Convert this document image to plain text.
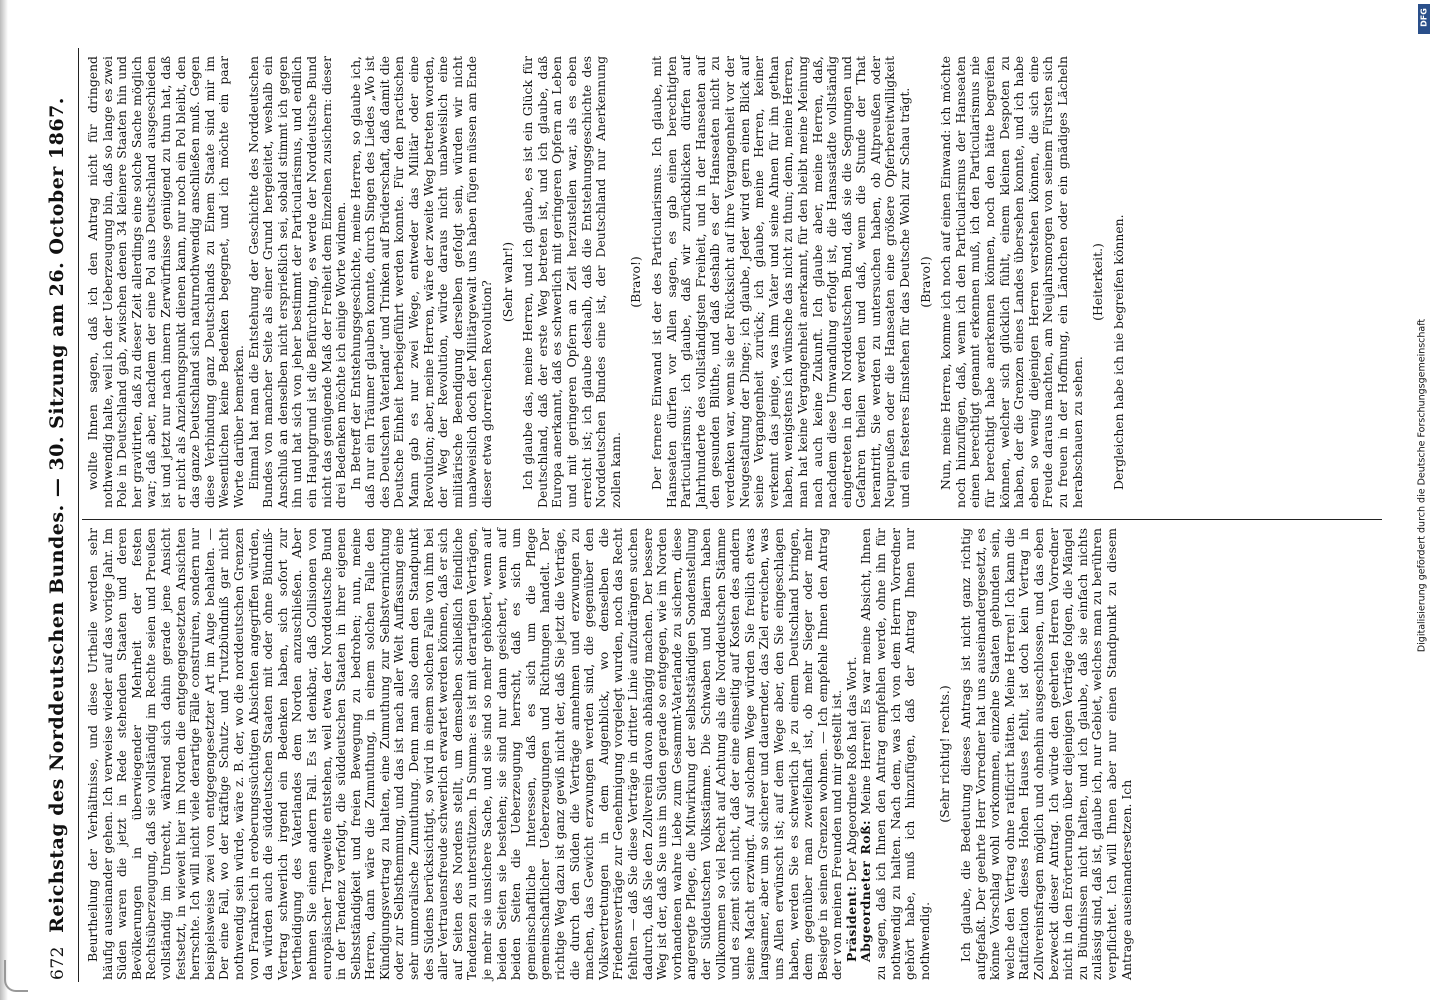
672
Reichstag des Norddeutschen Bundes. — 30. Sitzung am 26. October 1867. Beurtheilung der Verhältnisse, und diese Urtheile werden sehr häufig auseinander gehen. Ich verweise wieder auf das vorige Jahr. Im Süden waren die jetzt in Rede stehenden Staaten und deren Bevölkerungen in überwiegender Mehrheit der festen Rechtsüberzeugung, daß sie vollständig im Rechte seien und Preußen vollständig im Unrecht, während sich dahin gerade jene Ansicht festsetzt, in wieweit hier im Norden die entgegengesetzten Ansichten herrschte. Ich will nicht viele derartige Fälle construiren, sondern nur beispielsweise zwei von entgegengesetzter Art im Auge behalten. — Der eine Fall, wo der kräftige Schutz- und Trutzbündniß gar nicht nothwendig sein würde, wäre z. B. der, wo die norddeutschen Grenzen von Frankreich in eroberungssüchtigen Absichten angegriffen würden, da würden auch die süddeutschen Staaten mit oder ohne Bündniß-Vertrag schwerlich irgend ein Bedenken haben, sich sofort zur Vertheidigung des Vaterlandes dem Norden anzuschließen. Aber nehmen Sie einen andern Fall. Es ist denkbar, daß Collisionen von europäischer Tragweite entstehen, weil etwa der Norddeutsche Bund in der Tendenz verfolgt, die süddeutschen Staaten in ihrer eigenen Selbstständigkeit und freien Bewegung zu bedrohen; nun, meine Herren, dann wäre die Zumuthung, in einem solchen Falle den Kündigungsvertrag zu halten, eine Zumuthung zur Selbstvernichtung oder zur Selbsthemmung, und das ist nach aller Welt Auffassung eine sehr unmoralische Zumuthung. Denn man also denn den Standpunkt des Südens berücksichtigt, so wird in einem solchen Falle von ihm bei aller Vertrauensfreude schwerlich erwartet werden können, daß er sich auf Seiten des Nordens stellt, um demselben schließlich feindliche Tendenzen zu unterstützen. In Summa: es ist mit derartigen Verträgen, je mehr sie unsichere Sache, und sie sind so mehr gehöbert, wenn auf beiden Seiten sie bestehen; sie sind nur dann gesichert, wenn auf beiden Seiten die Ueberzeugung herrscht, daß es sich um gemeinschaftliche Interessen, daß es sich um die Pflege gemeinschaftlicher Ueberzeugungen und Richtungen handelt. Der richtige Weg dazu ist ganz gewiß nicht der, daß Sie jetzt die Verträge, die durch den Süden die Verträge annehmen und erzwungen zu machen, das Gewicht erzwungen werden sind, die gegenüber den Volksvertretungen in dem Augenblick, wo denselben die Friedensverträge zur Genehmigung vorgelegt wurden, noch das Recht fehlten — daß Sie diese Verträge in dritter Linie aufzudrängen suchen dadurch, daß Sie den Zollverein davon abhängig machen. Der bessere Weg ist der, daß Sie uns im Süden gerade so entgegen, wie im Norden vorhandenen wahre Liebe zum Gesammt-Vaterlande zu sichern, diese angeregte Pflege, die Mitwirkung der selbstständigen Sondenstellung der Süddeutschen Volksstämme. Die Schwaben und Baiern haben vollkommen so viel Recht auf Achtung als die Norddeutschen Stämme und es ziemt sich nicht, daß der eine einseitig auf Kosten des andern seine Macht erzwingt. Auf solchem Wege würden Sie freilich etwas langsamer, aber um so sicherer und dauernder, das Ziel erreichen, was uns Allen erwünscht ist; auf dem Wege aber, den Sie eingeschlagen haben, werden Sie es schwerlich je zu einem Deutschland bringen, dem gegenüber man zweifelhaft ist, ob mehr Sieger oder mehr Besiegte in seinen Grenzen wohnen. — Ich empfehle Ihnen den Antrag der von meinen Freunden und mir gestellt ist. Präsident: Der Abgeordnete Roß hat das Wort.

Abgeordneter Roß: Meine Herren! Es war meine Absicht, Ihnen zu sagen, daß ich Ihnen den Antrag empfehlen werde, ohne ihn für nothwendig zu halten. Nach dem, was ich von dem Herrn Vorredner gehört habe, muß ich hinzufügen, daß der Antrag Ihnen nur nothwendig.

(Sehr richtig! rechts.) Ich glaube, die Bedeutung dieses Antrags ist nicht ganz richtig aufgefaßt. Der geehrte Herr Vorredner hat uns auseinandergesetzt, es könne Vorschlag wohl vorkommen, einzelne Staaten gebunden sein, welche den Vertrag ohne ratificirt hätten. Meine Herren! Ich kann die Ratification dieses Hohen Hauses fehlt, ist doch kein Vertrag in Zollvereinsfragen möglich und ohnehin ausgeschlossen, und das eben bezweckt dieser Antrag. Ich würde den geehrten Herren Vorredner nicht in den Erörterungen über diejenigen Verträge folgen, die Mängel zu Bündnissen nicht halten, und ich glaube, daß sie einfach nichts zulässig sind, daß ist, glaube ich, nur Gebiet, welches man zu berühren verpflichtet. Ich will Ihnen aber nur einen Standpunkt zu diesem Antrage auseinandersetzen. Ich

wollte Ihnen sagen, daß ich den Antrag nicht für dringend nothwendig halte, weil ich der Ueberzeugung bin, daß so lange es zwei Pole in Deutschland gab, zwischen denen 34 kleinere Staaten hin und her gravitirten, daß zu dieser Zeit allerdings eine solche Sache möglich war; daß aber, nachdem der eine Pol aus Deutschland ausgeschieden ist und jetzt nur nach innern Zerwürfnisse geniigend zu thun hat, daß er nicht als Anziehungspunkt dienen kann, nur noch ein Pol bleibt, den das ganze Deutschland sich naturnothwendig anschließen muß. Gegen diese Verbindung ganz Deutschlands zu Einem Staate sind mir im Wesentlichen keine Bedenken begegnet, und ich möchte ein paar Worte darüber bemerken. Einmal hat man die Entstehung der Geschichte des Norddeutschen Bundes von mancher Seite als einer Grund hergeleitet, weshalb ein Anschluß an denselben nicht ersprießlich sei, sobald stimmt ich gegen ihn und hat sich von jeher bestimmt der Particularismus, und endlich ein Hauptgrund ist die Befürchtung, es werde der Norddeutsche Bund nicht das genügende Maß der Freiheit dem Einzelnen zusichern: dieser drei Bedenken möchte ich einige Worte widmen. In Betreff der Entstehungsgeschichte, meine Herren, so glaube ich, daß nur ein Träumer glauben konnte, durch Singen des Liedes „Wo ist des Deutschen Vaterland“ und Trinken auf Brüderschaft, daß damit die Deutsche Einheit herbeigeführt werden konnte. Für den practischen Mann gab es nur zwei Wege, entweder das Militär oder eine Revolution; aber, meine Herren, wäre der zweite Weg betreten worden, der Weg der Revolution, würde daraus nicht unabweislich eine militärische Beendigung derselben gefolgt sein, würden wir nicht unabweislich doch der Militärgewalt uns haben fügen müssen am Ende dieser etwa glorreichen Revolution? (Sehr wahr!) Ich glaube das, meine Herren, und ich glaube, es ist ein Glück für Deutschland, daß der erste Weg betreten ist, und ich glaube, daß Europa anerkannt, daß es schwerlich mit geringeren Opfern an Leben und mit geringeren Opfern an Zeit herzustellen war, als es eben erreicht ist; ich glaube deshalb, daß die Entstehungsgeschichte des Norddeutschen Bundes eine ist, der Deutschland nur Anerkennung zollen kann.

(Bravo!) Der fernere Einwand ist der des Particularismus. Ich glaube, mit Hanseaten dürfen vor Allen sagen, es gab einen berechtigten Particularismus; ich glaube, daß wir zurückblicken dürfen auf Jahrhunderte des vollständigsten Freiheit, und in der Hanseaten auf den gesunden Blüthe, und daß deshalb es der Hanseaten nicht zu verdenken war, wenn sie der Rücksicht auf ihre Vergangenheit vor der Neugestaltung der Dinge; ich glaube, Jeder wird gern einen Blick auf seine Vergangenheit zurück; ich glaube, meine Herren, keiner verkennt das jenige, was ihm Vater und seine Ahnen für ihn gethan haben, wenigstens ich wünsche das nicht zu thun; denn, meine Herren, man hat keine Vergangenheit anerkannt, für den bleibt meine Meinung nach auch keine Zukunft. Ich glaube aber, meine Herren, daß, nachdem diese Umwandlung erfolgt ist, die Hansastädte vollständig eingetreten in den Norddeutschen Bund, daß sie die Segnungen und Gefahren theilen werden und daß, wenn die Stunde der That herantritt, Sie werden zu untersuchen haben, ob Altpreußen oder Neupreußen oder die Hanseaten eine größere Opferbereitwilligkeit und ein festeres Einstehen für das Deutsche Wohl zur Schau trägt. (Bravo!) Nun, meine Herren, komme ich noch auf einen Einwand: ich möchte noch hinzufügen, daß, wenn ich den Particularismus der Hanseaten einen berechtigt genannt erkennen muß, ich den Particularismus nie für berechtigt habe anerkennen können, noch den hätte begreifen können, welcher sich glücklich fühlt, einem kleinen Despoten zu haben, der die Grenzen eines Landes übersehen konnte, und ich habe eben so wenig diejenigen Herren verstehen können, die sich eine Freude daraus machten, am Neujahrsmorgen von seinem Fürsten sich zu freuen in der Hoffnung, ein Ländchen oder ein gnädiges Lächeln herabschauen zu sehen.

(Heiterkeit.) Dergleichen habe ich nie begreifen können.

DFG
Digitalisierung gefördert durch die Deutsche Forschungsgemeinschaft
